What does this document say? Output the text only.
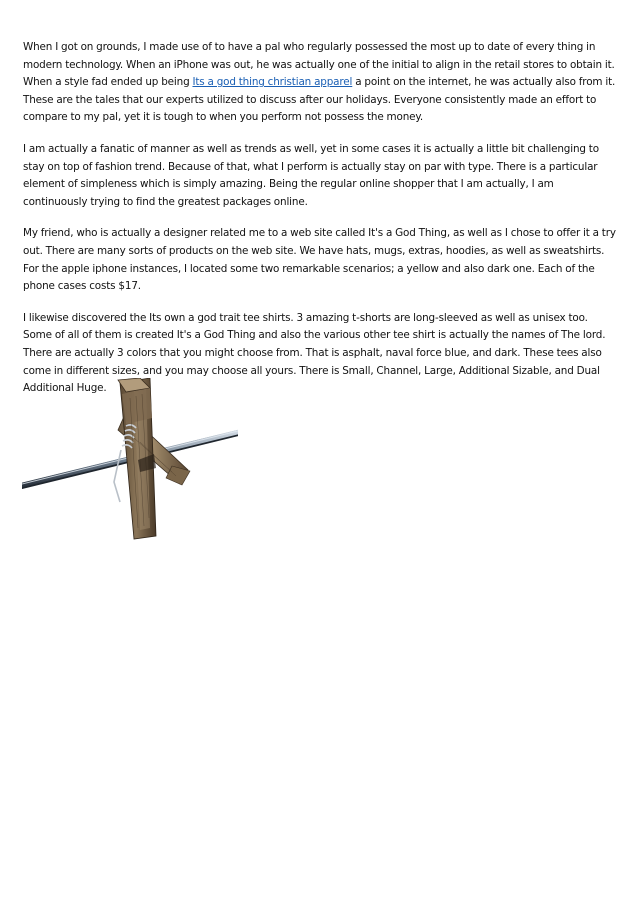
When I got on grounds, I made use of to have a pal who regularly possessed the most up to date of every thing in modern technology. When an iPhone was out, he was actually one of the initial to align in the retail stores to obtain it. When a style fad ended up being Its a god thing christian apparel a point on the internet, he was actually also from it. These are the tales that our experts utilized to discuss after our holidays. Everyone consistently made an effort to compare to my pal, yet it is tough to when you perform not possess the money.

I am actually a fanatic of manner as well as trends as well, yet in some cases it is actually a little bit challenging to stay on top of fashion trend. Because of that, what I perform is actually stay on par with type. There is a particular element of simpleness which is simply amazing. Being the regular online shopper that I am actually, I am continuously trying to find the greatest packages online.

My friend, who is actually a designer related me to a web site called It's a God Thing, as well as I chose to offer it a try out. There are many sorts of products on the web site. We have hats, mugs, extras, hoodies, as well as sweatshirts. For the apple iphone instances, I located some two remarkable scenarios; a yellow and also dark one. Each of the phone cases costs $17.

I likewise discovered the Its own a god trait tee shirts. 3 amazing t-shorts are long-sleeved as well as unisex too. Some of all of them is created It's a God Thing and also the various other tee shirt is actually the names of The lord. There are actually 3 colors that you might choose from. That is asphalt, naval force blue, and dark. These tees also come in different sizes, and you may choose all yours. There is Small, Channel, Large, Additional Sizable, and Dual Additional Huge.
